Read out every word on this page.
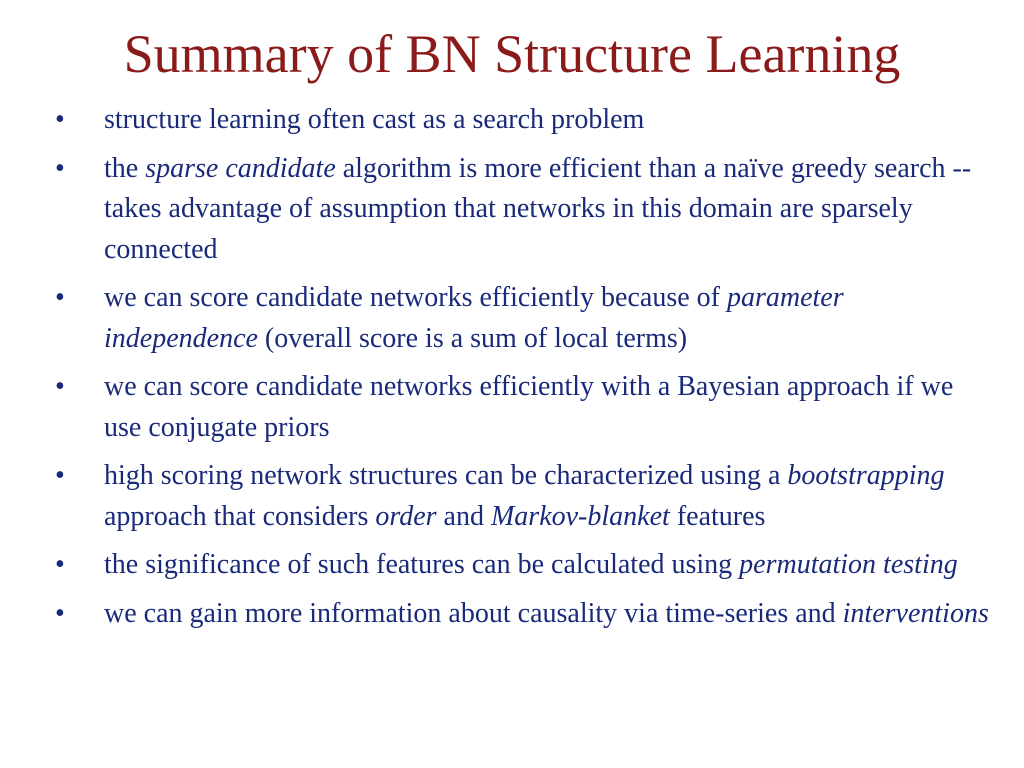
Summary of BN Structure Learning
• structure learning often cast as a search problem
• the sparse candidate algorithm is more efficient than a naïve greedy search -- takes advantage of assumption that networks in this domain are sparsely connected
• we can score candidate networks efficiently because of parameter independence (overall score is a sum of local terms)
• we can score candidate networks efficiently with a Bayesian approach if we use conjugate priors
• high scoring network structures can be characterized using a bootstrapping approach that considers order and Markov-blanket features
• the significance of such features can be calculated using permutation testing
• we can gain more information about causality via time-series and interventions
